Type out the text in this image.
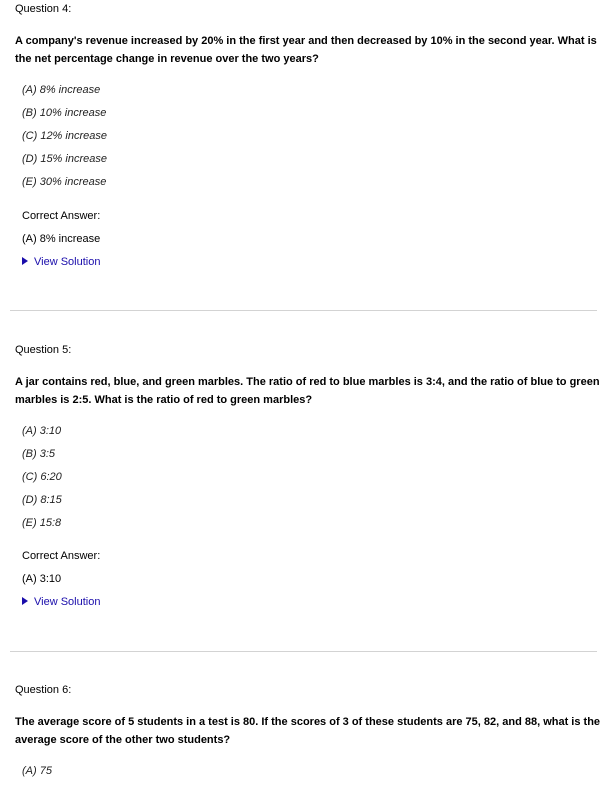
Question 4:
A company's revenue increased by 20% in the first year and then decreased by 10% in the second year. What is the net percentage change in revenue over the two years?
(A) 8% increase
(B) 10% increase
(C) 12% increase
(D) 15% increase
(E) 30% increase
Correct Answer:
(A) 8% increase
View Solution
Question 5:
A jar contains red, blue, and green marbles. The ratio of red to blue marbles is 3:4, and the ratio of blue to green marbles is 2:5. What is the ratio of red to green marbles?
(A) 3:10
(B) 3:5
(C) 6:20
(D) 8:15
(E) 15:8
Correct Answer:
(A) 3:10
View Solution
Question 6:
The average score of 5 students in a test is 80. If the scores of 3 of these students are 75, 82, and 88, what is the average score of the other two students?
(A) 75
